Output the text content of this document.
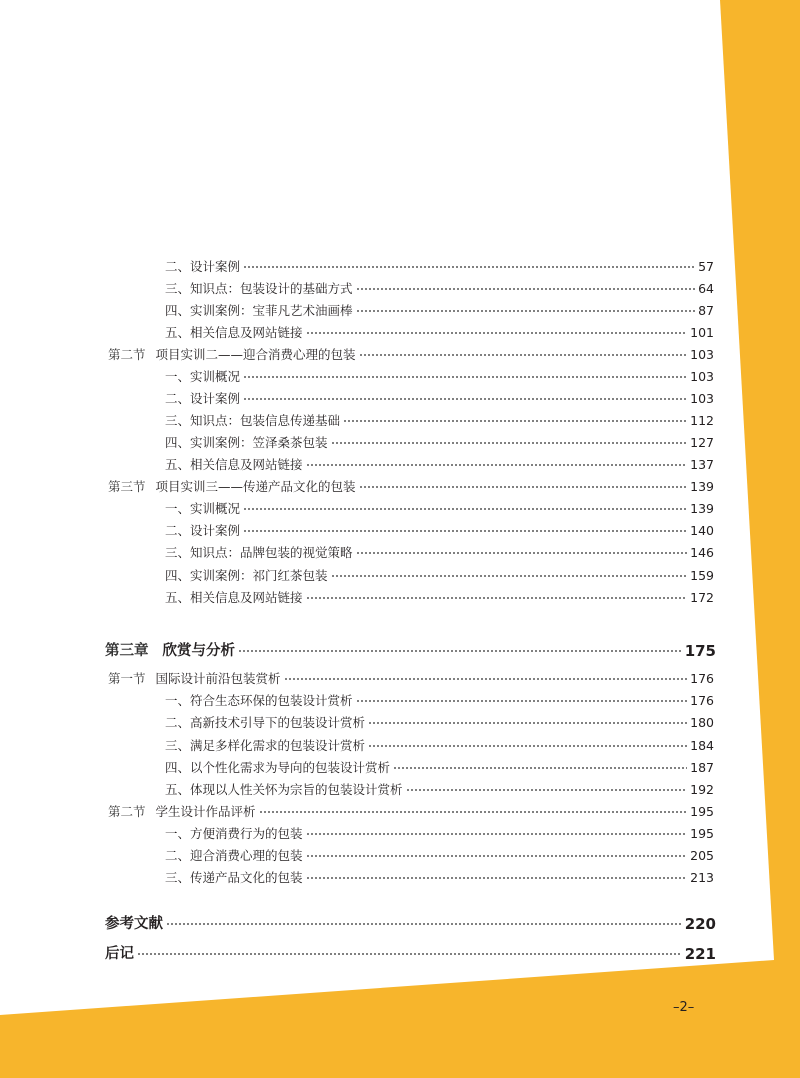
二、设计案例	57
三、知识点：包装设计的基础方式	64
四、实训案例：宝菲凡艺术油画棒	87
五、相关信息及网站链接	101
第二节 项目实训二——迎合消费心理的包装	103
一、实训概况	103
二、设计案例	103
三、知识点：包装信息传递基础	112
四、实训案例：笠泽桑茶包装	127
五、相关信息及网站链接	137
第三节 项目实训三——传递产品文化的包装	139
一、实训概况	139
二、设计案例	140
三、知识点：品牌包装的视觉策略	146
四、实训案例：祁门红茶包装	159
五、相关信息及网站链接	172
第三章 欣赏与分析	175
第一节 国际设计前沿包装赏析	176
一、符合生态环保的包装设计赏析	176
二、高新技术引导下的包装设计赏析	180
三、满足多样化需求的包装设计赏析	184
四、以个性化需求为导向的包装设计赏析	187
五、体现以人性关怀为宗旨的包装设计赏析	192
第二节 学生设计作品评析	195
一、方便消费行为的包装	195
二、迎合消费心理的包装	205
三、传递产品文化的包装	213
参考文献	220
后记	221
–2–
